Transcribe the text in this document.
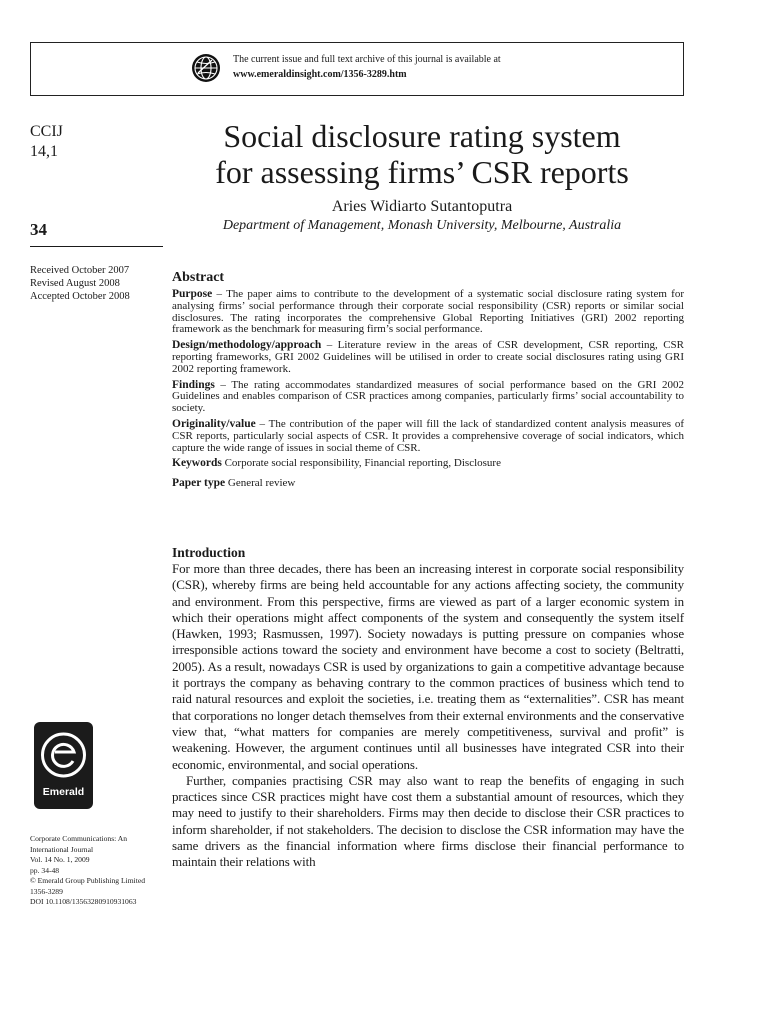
The current issue and full text archive of this journal is available at
www.emeraldinsight.com/1356-3289.htm
CCIJ
14,1
34
Received October 2007
Revised August 2008
Accepted October 2008
Social disclosure rating system
for assessing firms’ CSR reports
Aries Widiarto Sutantoputra
Department of Management, Monash University, Melbourne, Australia
Abstract

Purpose – The paper aims to contribute to the development of a systematic social disclosure rating system for analysing firms’ social performance through their corporate social responsibility (CSR) reports or similar social disclosures. The rating incorporates the comprehensive Global Reporting Initiatives (GRI) 2002 reporting framework as the benchmark for measuring firm’s social performance.

Design/methodology/approach – Literature review in the areas of CSR development, CSR reporting, CSR reporting frameworks, GRI 2002 Guidelines will be utilised in order to create social disclosures rating using GRI 2002 reporting framework.

Findings – The rating accommodates standardized measures of social performance based on the GRI 2002 Guidelines and enables comparison of CSR practices among companies, particularly firms’ social accountability to society.

Originality/value – The contribution of the paper will fill the lack of standardized content analysis measures of CSR reports, particularly social aspects of CSR. It provides a comprehensive coverage of social indicators, which capture the wide range of issues in social theme of CSR.

Keywords Corporate social responsibility, Financial reporting, Disclosure

Paper type General review

Introduction

For more than three decades, there has been an increasing interest in corporate social responsibility (CSR), whereby firms are being held accountable for any actions affecting society, the community and environment. From this perspective, firms are viewed as part of a larger economic system in which their operations might affect components of the system and consequently the system itself (Hawken, 1993; Rasmussen, 1997). Society nowadays is putting pressure on companies whose irresponsible actions toward the society and environment have become a cost to society (Beltratti, 2005). As a result, nowadays CSR is used by organizations to gain a competitive advantage because it portrays the company as behaving contrary to the common practices of business which tend to raid natural resources and exploit the societies, i.e. treating them as “externalities”. CSR has meant that corporations no longer detach themselves from their external environments and the conservative view that, “what matters for companies are merely competitiveness, survival and profit” is weakening. However, the argument continues until all businesses have integrated CSR into their economic, environmental, and social operations.

Further, companies practising CSR may also want to reap the benefits of engaging in such practices since CSR practices might have cost them a substantial amount of resources, which they may need to justify to their shareholders. Firms may then decide to disclose their CSR practices to inform shareholder, if not stakeholders. The decision to disclose the CSR information may have the same drivers as the financial information where firms disclose their financial performance to maintain their relations with

Emerald
Corporate Communications: An
International Journal
Vol. 14 No. 1, 2009
pp. 34-48
© Emerald Group Publishing Limited
1356-3289
DOI 10.1108/13563280910931063
